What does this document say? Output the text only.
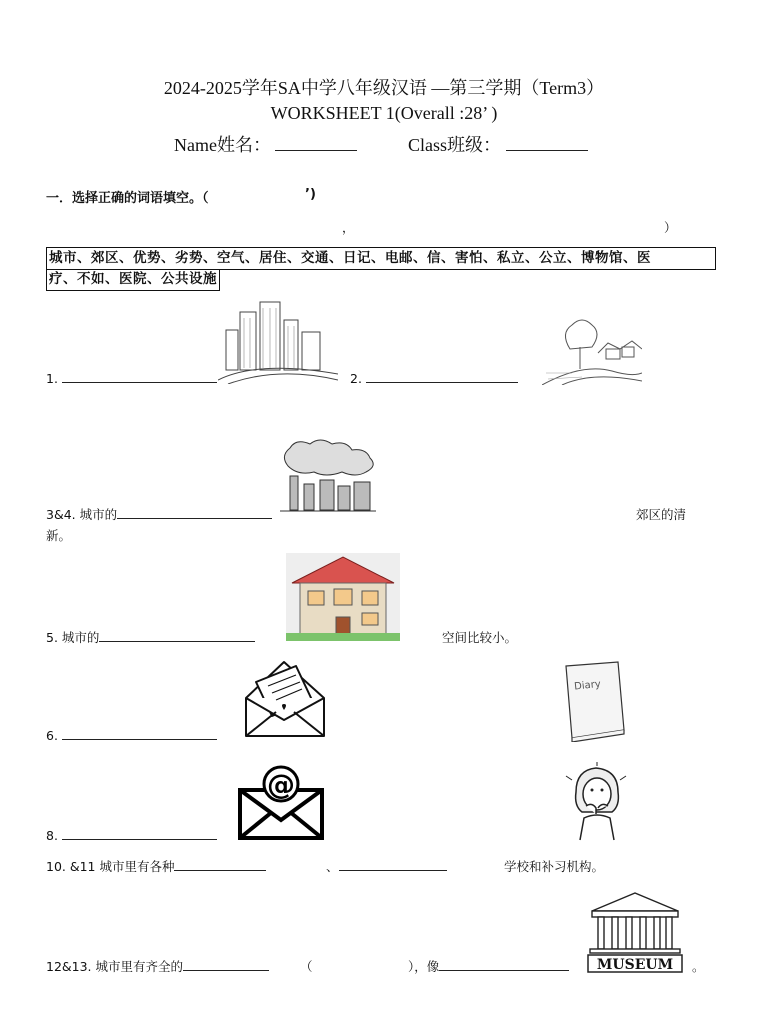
2024-2025学年SA中学八年级汉语 —第三学期（Term3）
WORKSHEET 1(Overall :28’ )
Name姓名：	Class班级：
一．选择正确的词语填空。（	’)
，	）
城市、郊区、优势、劣势、空气、居住、交通、日记、电邮、信、害怕、私立、公立、博物馆、医
疗、不如、医院、公共设施
1.	2.
3&4. 城市的	郊区的清
新。
5. 城市的	空间比较小。
6.
Diary
@
8.
10. &11 城市里有各种	、	学校和补习机构。
12&13. 城市里有齐全的	（	），像	。
MUSEUM
